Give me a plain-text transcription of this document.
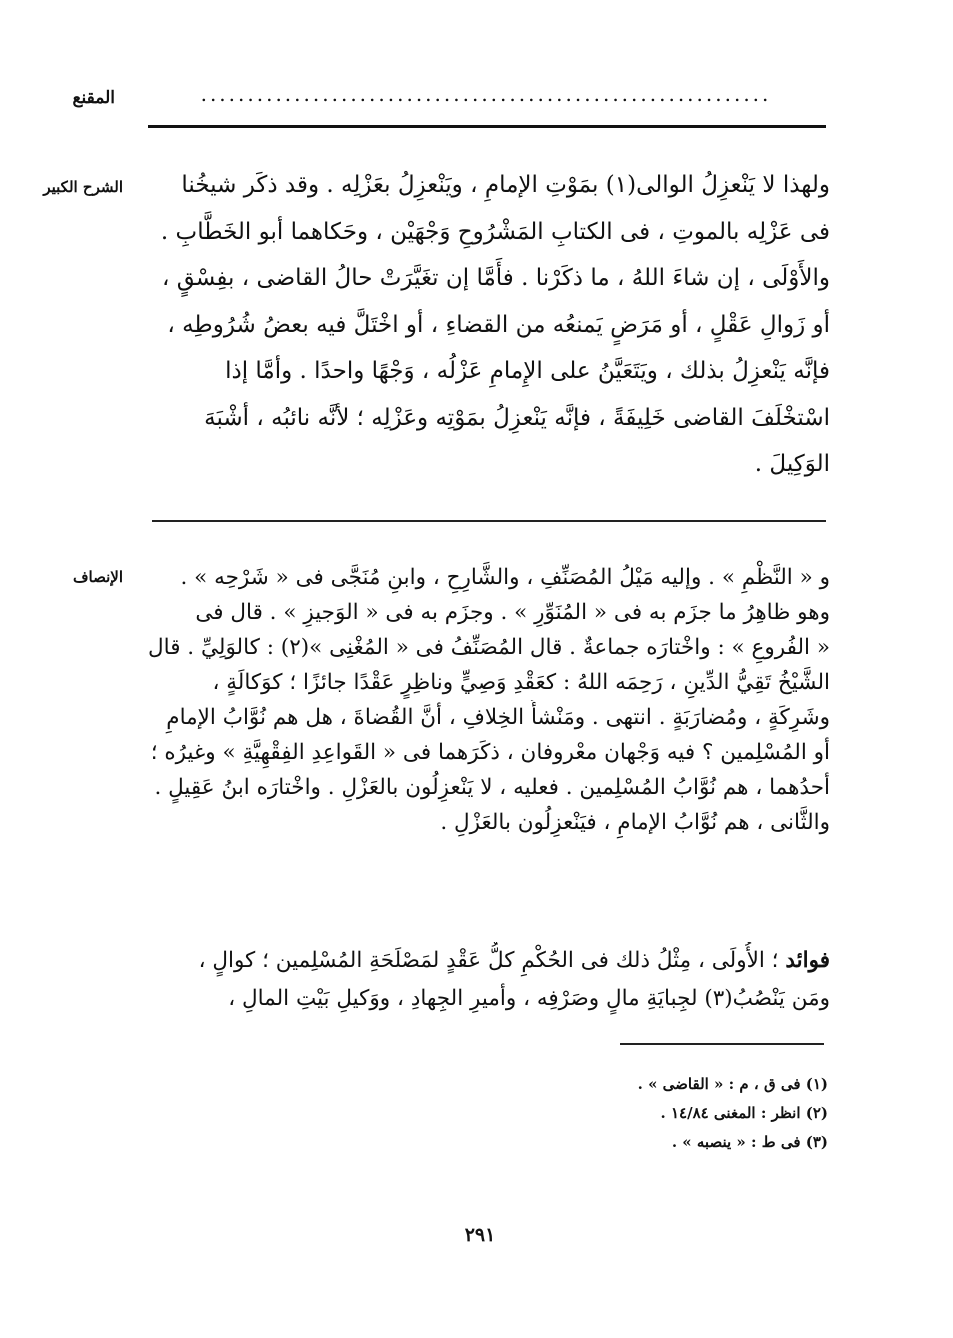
المقنع	.............................................................
الشرح الكبير	ولهذا لا يَنْعزِلُ الوالى(١) بمَوْتِ الإمامِ ، ويَنْعزِلُ بعَزْلِه . وقد ذكَر شيخُنا
فى عَزْلِه بالموتِ ، فى الكتابِ المَشْرُوحِ وَجْهَيْن ، وحَكاهما أبو الخَطَّابِ .
والأَوْلَى ، إن شاءَ اللهُ ، ما ذكَرْنا . فأَمَّا إن تغَيَّرَتْ حالُ القاضى ، بفِسْقٍ ،
أو زَوالِ عَقْلٍ ، أو مَرَضٍ يَمنعُه من القضاءِ ، أو اخْتَلَّ فيه بعضُ شُرُوطِه ،
فإنَّه يَنْعزِلُ بذلك ، ويَتَعَيَّنُ على الإِمامِ عَزْلُه ، وَجْهًا واحدًا . وأمَّا إذا
اسْتخْلَفَ القاضى خَلِيفَةً ، فإنَّه يَنْعزِلُ بمَوْتِه وعَزْلِه ؛ لأنَّه نائبُه ، أشْبَهَ
الوَكِيلَ .
الإنصاف	و « النَّظْمِ » . وإليه مَيْلُ المُصَنِّفِ ، والشَّارِحِ ، وابنِ مُنَجَّى فى « شَرْحِه » .
وهو ظاهِرُ ما جزَم به فى « المُنَوِّرِ » . وجزَم به فى « الوَجيزِ » . قال فى
« الفُروعِ » : واخْتارَه جماعةٌ . قال المُصَنِّفُ فى « المُغْنِى »(٢) : كالوَلِيِّ . قال
الشَّيْخُ تَقِيُّ الدِّينِ ، رَحِمَه اللهُ : كعَقْدِ وَصِيٍّ وناظِرٍ عَقْدًا جائزًا ؛ كوَكالَةٍ ،
وشَرِكَةٍ ، ومُضارَبَةٍ . انتهى . ومَنْشأُ الخِلافِ ، أنَّ القُضاةَ ، هل هم نُوَّابُ الإمامِ
أو المُسْلِمين ؟ فيه وَجْهان معْروفان ، ذكَرَهما فى « القَواعِدِ الفِقْهِيَّةِ » وغيرُه ؛
أحدُهما ، هم نُوَّابُ المُسْلِمين . فعليه ، لا يَنْعزِلُون بالعَزْلِ . واخْتارَه ابنُ عَقِيلٍ .
والثَّانى ، هم نُوَّابُ الإمامِ ، فيَنْعزِلُون بالعَزْلِ .
فوائد ؛ الأُولَى ، مِثْلُ ذلك فى الحُكْمِ كلُّ عَقْدٍ لمَصْلَحَةِ المُسْلِمين ؛ كوالٍ ،
ومَن يَنْصُبُ(٣) لجِبايَةِ مالٍ وصَرْفِه ، وأميرِ الجِهادِ ، ووَكيلِ بَيْتِ المالِ ،
(١) فى ق ، م : « القاضى » .
(٢) انظر : المغنى ١٤/٨٤ .
(٣) فى ط : « ينصبه » .
٢٩١
